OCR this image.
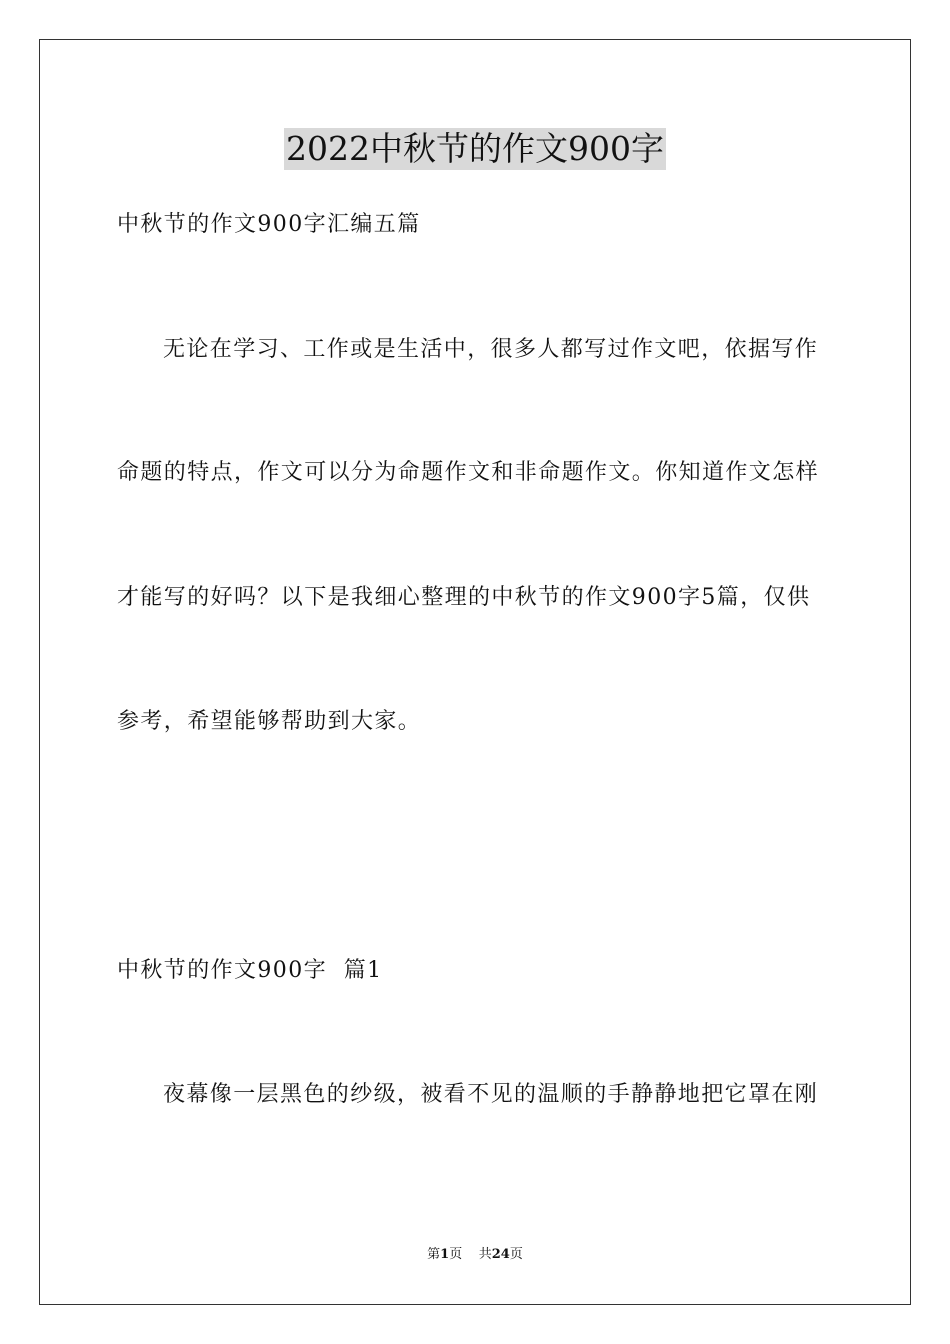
2022中秋节的作文900字
中秋节的作文900字汇编五篇
无论在学习、工作或是生活中，很多人都写过作文吧，依据写作
命题的特点，作文可以分为命题作文和非命题作文。你知道作文怎样
才能写的好吗？以下是我细心整理的中秋节的作文900字5篇，仅供
参考，希望能够帮助到大家。
中秋节的作文900字  篇1
夜幕像一层黑色的纱级，被看不见的温顺的手静静地把它罩在刚
第1页    共24页
